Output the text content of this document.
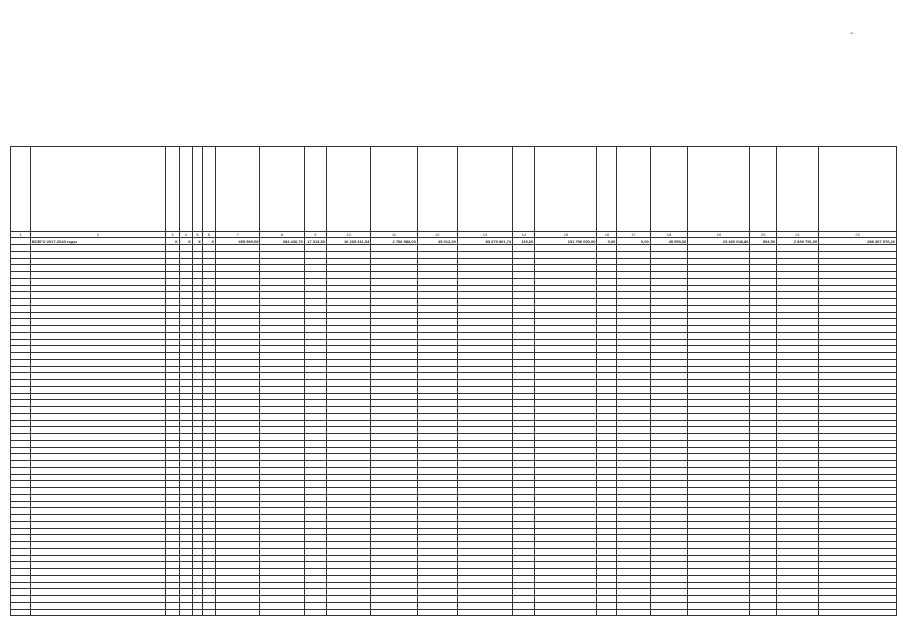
-

1	2	3	4	5	6	7	8	9	10	11	12	13	14	15	16	17	18	19	20	21	22
	ВСЕГО 2017-2043 годы	X	X	X	X	455 999,08	384 436,73	17 313,50	10 205 311,54	2 766 588,00	45 012,29	83 379 801,74	110,00	151 796 000,00	0,00	0,00	45 953,00	23 460 048,86	564,50	2 839 751,00	288 367 576,26
